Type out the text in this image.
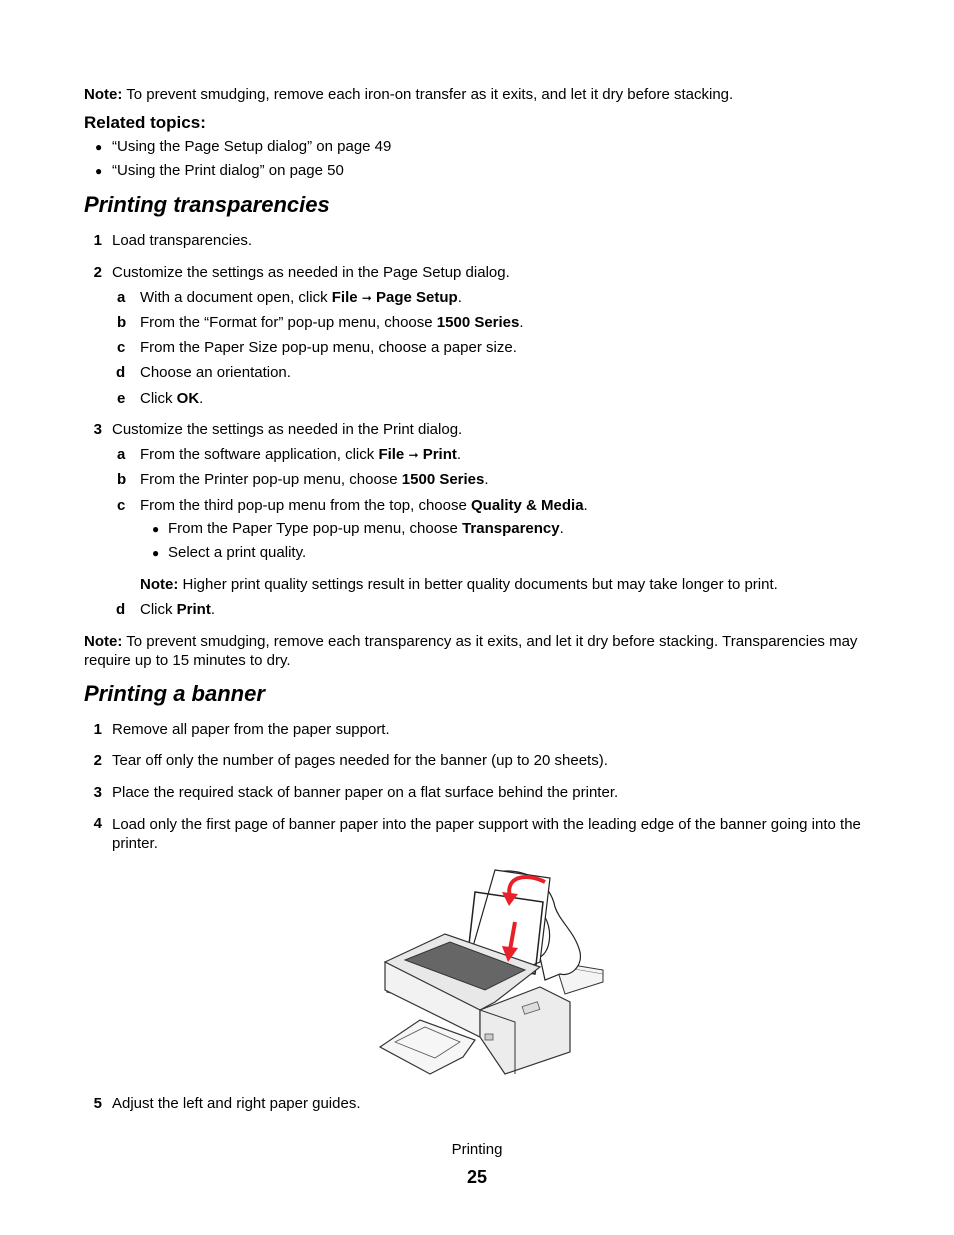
Note: To prevent smudging, remove each iron-on transfer as it exits, and let it dry before stacking.
Related topics:
● “Using the Page Setup dialog” on page 49
● “Using the Print dialog” on page 50
Printing transparencies
1 Load transparencies.
2 Customize the settings as needed in the Page Setup dialog.
a With a document open, click File ➞ Page Setup.
b From the “Format for” pop-up menu, choose 1500 Series.
c From the Paper Size pop-up menu, choose a paper size.
d Choose an orientation.
e Click OK.
3 Customize the settings as needed in the Print dialog.
a From the software application, click File ➞ Print.
b From the Printer pop-up menu, choose 1500 Series.
c From the third pop-up menu from the top, choose Quality & Media.
● From the Paper Type pop-up menu, choose Transparency.
● Select a print quality.
Note: Higher print quality settings result in better quality documents but may take longer to print.
d Click Print.
Note: To prevent smudging, remove each transparency as it exits, and let it dry before stacking. Transparencies may require up to 15 minutes to dry.
Printing a banner
1 Remove all paper from the paper support.
2 Tear off only the number of pages needed for the banner (up to 20 sheets).
3 Place the required stack of banner paper on a flat surface behind the printer.
4 Load only the first page of banner paper into the paper support with the leading edge of the banner going into the printer.
5 Adjust the left and right paper guides.
Printing
25
